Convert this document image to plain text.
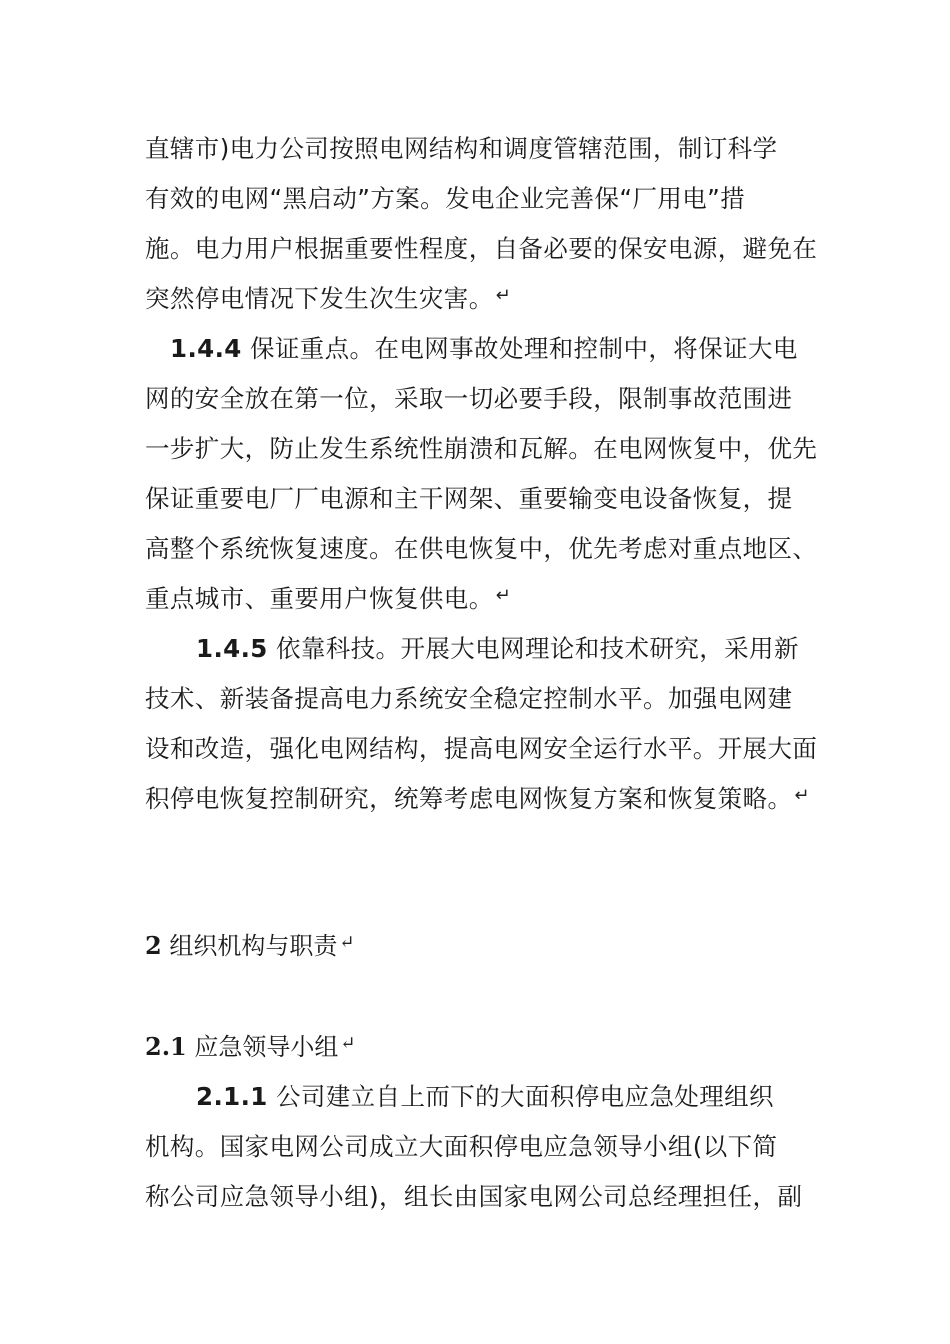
直辖市)电力公司按照电网结构和调度管辖范围，制订科学
有效的电网“黑启动”方案。发电企业完善保“厂用电”措
施。电力用户根据重要性程度，自备必要的保安电源，避免在
突然停电情况下发生次生灾害。 ↵
1.4.4 保证重点。在电网事故处理和控制中，将保证大电
网的安全放在第一位，采取一切必要手段，限制事故范围进
一步扩大，防止发生系统性崩溃和瓦解。在电网恢复中，优先
保证重要电厂厂电源和主干网架、重要输变电设备恢复，提
高整个系统恢复速度。在供电恢复中，优先考虑对重点地区、
重点城市、重要用户恢复供电。 ↵
1.4.5 依靠科技。开展大电网理论和技术研究，采用新
技术、新装备提高电力系统安全稳定控制水平。加强电网建
设和改造，强化电网结构，提高电网安全运行水平。开展大面
积停电恢复控制研究，统筹考虑电网恢复方案和恢复策略。 ↵
2 组织机构与职责 ↵
2.1 应急领导小组 ↵
2.1.1 公司建立自上而下的大面积停电应急处理组织
机构。国家电网公司成立大面积停电应急领导小组(以下简
称公司应急领导小组)，组长由国家电网公司总经理担任，副
